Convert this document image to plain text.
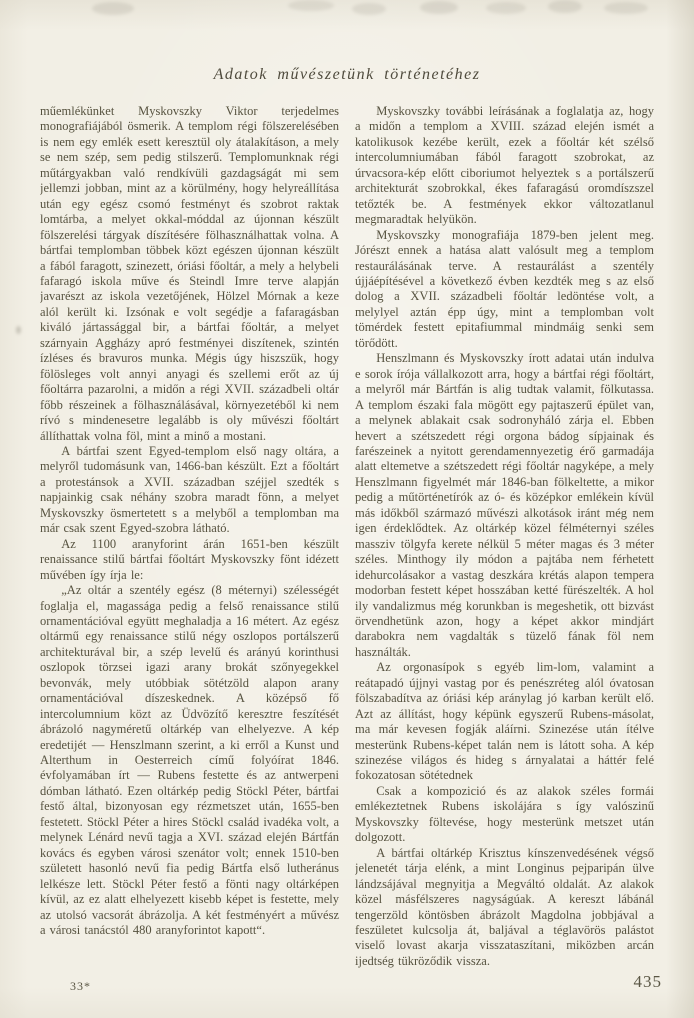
Adatok művészetünk történetéhez

műemlékünket Myskovszky Viktor terjedelmes monografiájából ösmerik. A templom régi fölszerelésében is nem egy emlék esett keresztül oly átalakításon, a mely se nem szép, sem pedig stilszerű. Templomunknak régi műtárgyakban való rendkívüli gazdagságát mi sem jellemzi jobban, mint az a körülmény, hogy helyreállítása után egy egész csomó festményt és szobrot raktak lomtárba, a melyet okkal-móddal az újonnan készült fölszerelési tárgyak díszítésére fölhasználhattak volna. A bártfai templomban többek közt egészen újonnan készült a fából faragott, szinezett, óriási főoltár, a mely a helybeli fafaragó iskola műve és Steindl Imre terve alapján javarészt az iskola vezetőjének, Hölzel Mórnak a keze alól került ki. Izsónak e volt segédje a fafaragásban kiváló jártassággal bir, a bártfai főoltár, a melyet szárnyain Aggházy apró festményei diszítenek, szintén ízléses és bravuros munka. Mégis úgy hiszszük, hogy fölösleges volt annyi anyagi és szellemi erőt az új főoltárra pazarolni, a midőn a régi XVII. századbeli oltár főbb részeinek a fölhasználásával, környezetéből ki nem rívó s mindenesetre legalább is oly művészi főoltárt állíthattak volna föl, mint a minő a mostani.

A bártfai szent Egyed-templom első nagy oltára, a melyről tudomásunk van, 1466-ban készült. Ezt a főoltárt a protestánsok a XVII. században széjjel szedték s napjainkig csak néhány szobra maradt fönn, a melyet Myskovszky ösmertetett s a melyből a templomban ma már csak szent Egyed-szobra látható.

Az 1100 aranyforint árán 1651-ben készült renaissance stilű bártfai főoltárt Myskovszky fönt idézett művében így írja le:

„Az oltár a szentély egész (8 méternyi) szélességét foglalja el, magassága pedig a felső renaissance stilű ornamentációval együtt meghaladja a 16 métert. Az egész oltármű egy renaissance stilű négy oszlopos portálszerű architekturával bir, a szép levelű és arányú korinthusi oszlopok törzsei igazi arany brokát szőnyegekkel bevonvák, mely utóbbiak sötétzöld alapon arany ornamentációval díszeskednek. A középső fő intercolumnium közt az Üdvözítő keresztre feszítését ábrázoló nagyméretű oltárkép van elhelyezve. A kép eredetijét — Henszlmann szerint, a ki erről a Kunst und Alterthum in Oesterreich című folyóírat 1846. évfolyamában írt — Rubens festette és az antwerpeni dómban látható. Ezen oltárkép pedig Stöckl Péter, bártfai festő által, bizonyosan egy rézmetszet után, 1655-ben festetett. Stöckl Péter a hires Stöckl család ivadéka volt, a melynek Lénárd nevű tagja a XVI. század elején Bártfán kovács és egyben városi szenátor volt; ennek 1510-ben született hasonló nevű fia pedig Bártfa első lutheránus lelkésze lett. Stöckl Péter festő a fönti nagy oltárképen kívül, az ez alatt elhelyezett kisebb képet is festette, mely az utolsó vacsorát ábrázolja. A két festményért a művész a városi tanácstól 480 aranyforintot kapott“.

Myskovszky további leírásának a foglalatja az, hogy a midőn a templom a XVIII. század elején ismét a katolikusok kezébe került, ezek a főoltár két szélső intercolumniumában fából faragott szobrokat, az úrvacsora-kép előtt ciboriumot helyeztek s a portálszerű architekturát szobrokkal, ékes fafaragású oromdíszszel tetőzték be. A festmények ekkor változatlanul megmaradtak helyükön.

Myskovszky monografiája 1879-ben jelent meg. Jórészt ennek a hatása alatt valósult meg a templom restaurálásának terve. A restaurálást a szentély újjáépítésével a következő évben kezdték meg s az első dolog a XVII. századbeli főoltár ledöntése volt, a melylyel aztán épp úgy, mint a templomban volt tömérdek festett epitafiummal mindmáig senki sem törődött.

Henszlmann és Myskovszky írott adatai után indulva e sorok írója vállalkozott arra, hogy a bártfai régi főoltárt, a melyről már Bártfán is alig tudtak valamit, fölkutassa. A templom északi fala mögött egy pajtaszerű épület van, a melynek ablakait csak sodronyháló zárja el. Ebben hevert a szétszedett régi orgona bádog sípjainak és farészeinek a nyitott gerendamennyezetig érő garmadája alatt eltemetve a szétszedett régi főoltár nagyképe, a mely Henszlmann figyelmét már 1846-ban fölkeltette, a mikor pedig a műtörténetírók az ó- és középkor emlékein kívül más időkből származó művészi alkotások iránt még nem igen érdeklődtek. Az oltárkép közel félméternyi széles massziv tölgyfa kerete nélkül 5 méter magas és 3 méter széles. Minthogy ily módon a pajtába nem férhetett idehurcolásakor a vastag deszkára krétás alapon tempera modorban festett képet hosszában ketté fürészelték. A hol ily vandalizmus még korunkban is megeshetik, ott bizvást örvendhetünk azon, hogy a képet akkor mindjárt darabokra nem vagdalták s tüzelő fának föl nem használták.

Az orgonasípok s egyéb lim-lom, valamint a reátapadó újjnyi vastag por és penészréteg alól óvatosan fölszabadítva az óriási kép aránylag jó karban került elő. Azt az állítást, hogy képünk egyszerű Rubens-másolat, ma már kevesen fogják aláírni. Szinezése után ítélve mesterünk Rubens-képet talán nem is látott soha. A kép szinezése világos és hideg s árnyalatai a háttér felé fokozatosan sötétednek

Csak a kompozició és az alakok széles formái emlékeztetnek Rubens iskolájára s így valószinű Myskovszky föltevése, hogy mesterünk metszet után dolgozott.

A bártfai oltárkép Krisztus kínszenvedésének végső jelenetét tárja elénk, a mint Longinus pejparipán ülve lándzsájával megnyitja a Megváltó oldalát. Az alakok közel másfélszeres nagyságúak. A kereszt lábánál tengerzöld köntösben ábrázolt Magdolna jobbjával a feszületet kulcsolja át, baljával a téglavörös palástot viselő lovast akarja visszataszítani, miközben arcán ijedtség tükröződik vissza.

33*	435
